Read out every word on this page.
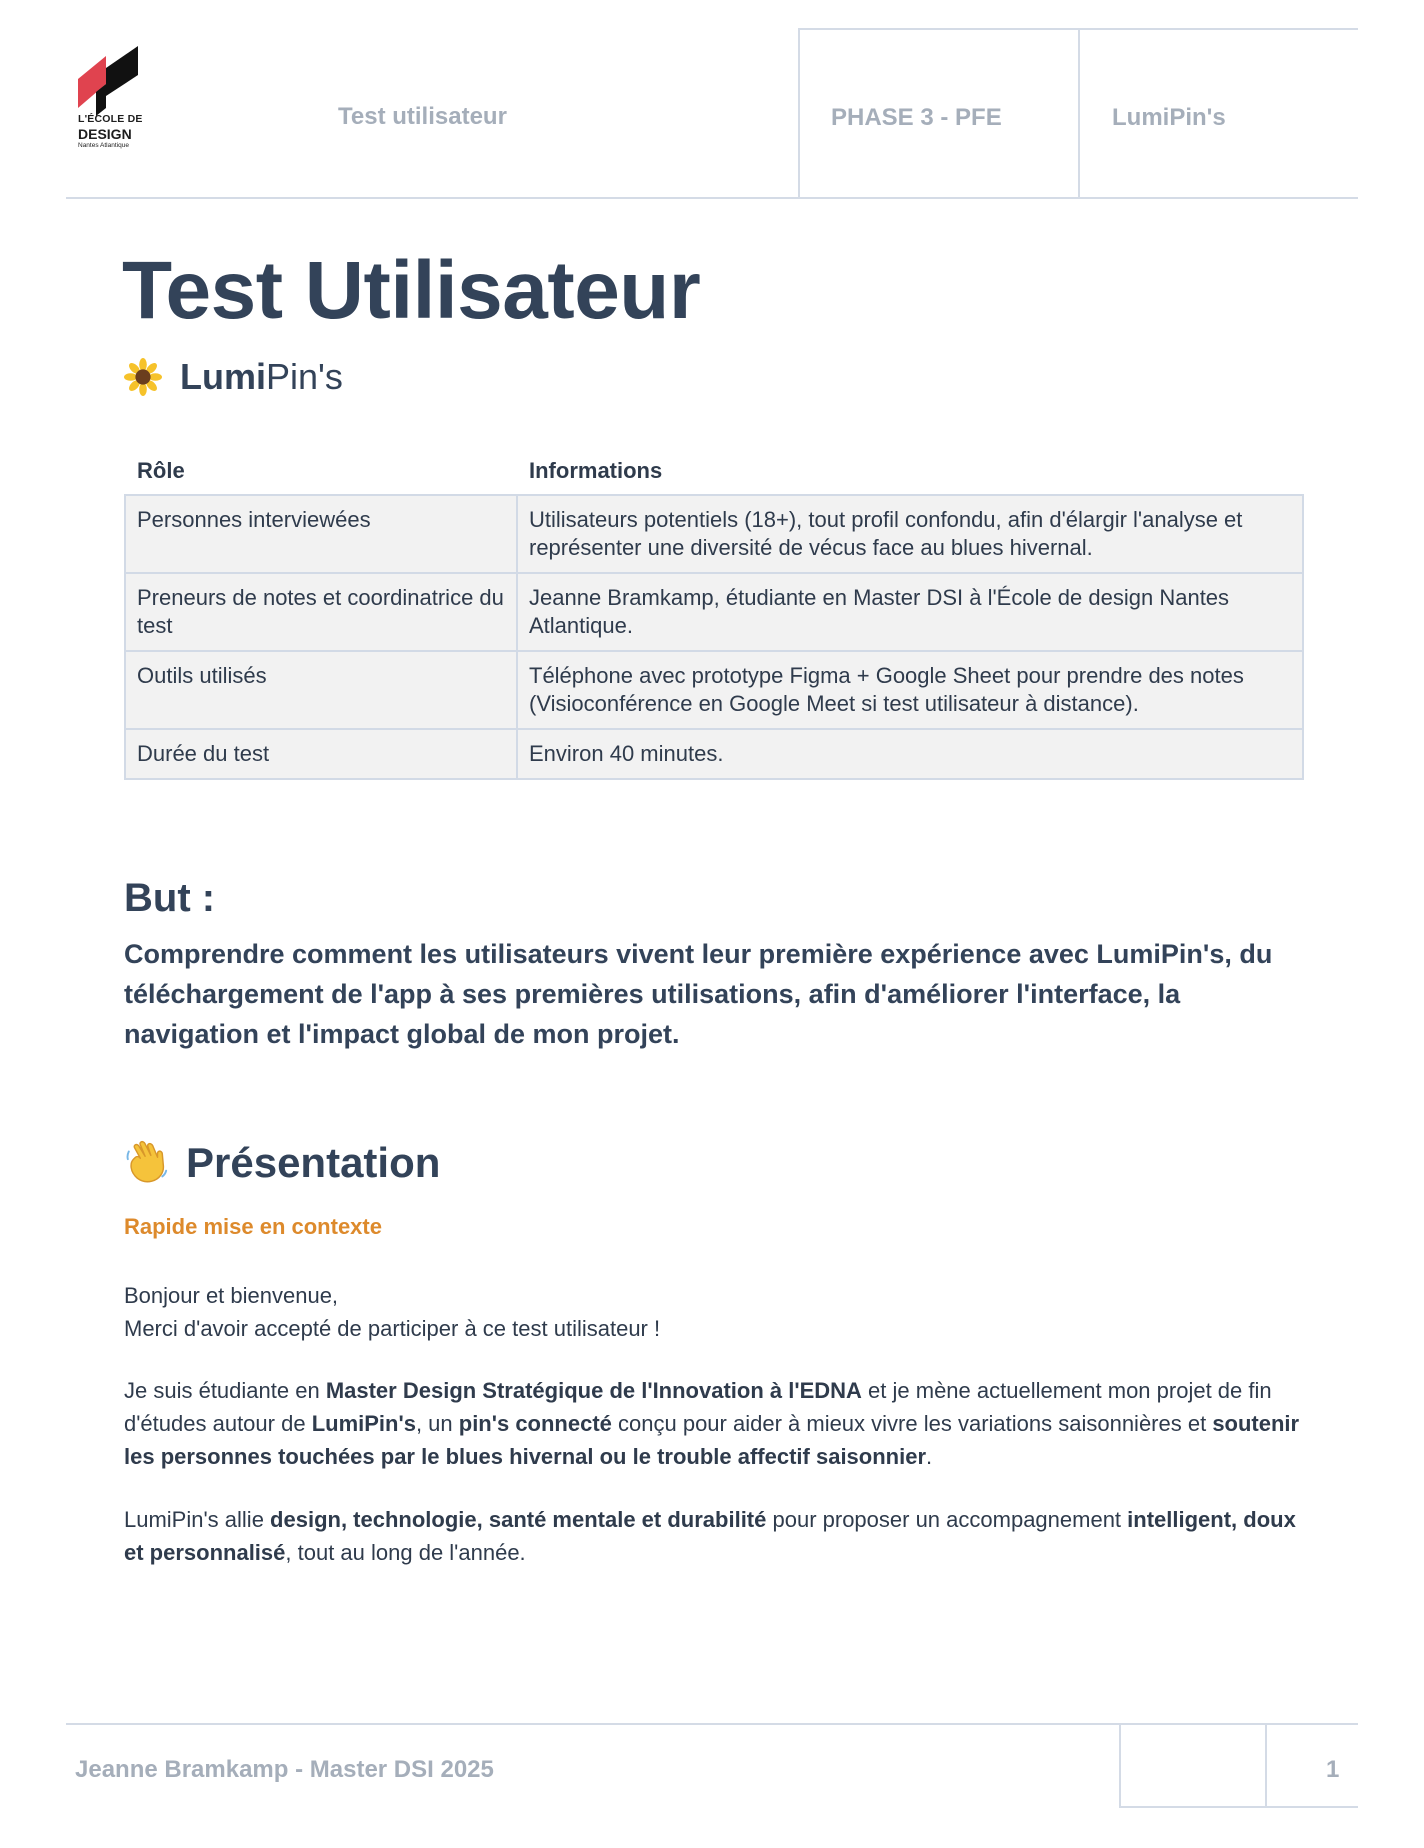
L'ÉCOLE DE
DESIGN
Nantes Atlantique
Test utilisateur	PHASE 3 - PFE	LumiPin's
Test Utilisateur
Lumi Pin's
Rôle	Informations
Personnes interviewées	Utilisateurs potentiels (18+), tout profil confondu, afin d'élargir l'analyse et représenter une diversité de vécus face au blues hivernal.
Preneurs de notes et coordinatrice du test	Jeanne Bramkamp, étudiante en Master DSI à l'École de design Nantes Atlantique.
Outils utilisés	Téléphone avec prototype Figma + Google Sheet pour prendre des notes (Visioconférence en Google Meet si test utilisateur à distance).
Durée du test	Environ 40 minutes.
But :
Comprendre comment les utilisateurs vivent leur première expérience avec LumiPin's, du téléchargement de l'app à ses premières utilisations, afin d'améliorer l'interface, la navigation et l'impact global de mon projet.
Présentation
Rapide mise en contexte

Bonjour et bienvenue,
Merci d'avoir accepté de participer à ce test utilisateur !

Je suis étudiante en Master Design Stratégique de l'Innovation à l'EDNA et je mène actuellement mon projet de fin d'études autour de LumiPin's, un pin's connecté conçu pour aider à mieux vivre les variations saisonnières et soutenir les personnes touchées par le blues hivernal ou le trouble affectif saisonnier.

LumiPin's allie design, technologie, santé mentale et durabilité pour proposer un accompagnement intelligent, doux et personnalisé, tout au long de l'année.

Jeanne Bramkamp - Master DSI 2025	1
